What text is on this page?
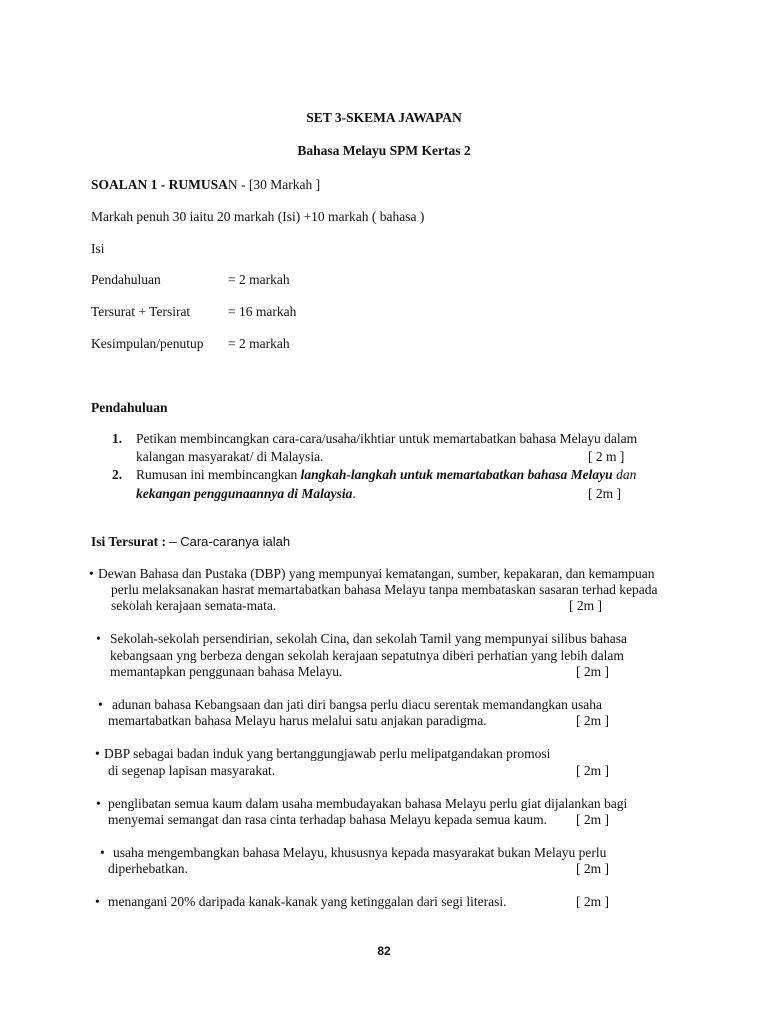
SET 3-SKEMA JAWAPAN
Bahasa Melayu SPM Kertas 2
SOALAN 1 - RUMUSAN - [30 Markah ]
Markah penuh 30 iaitu 20 markah (Isi) +10 markah ( bahasa )
Isi
Pendahuluan	= 2 markah
Tersurat + Tersirat	= 16 markah
Kesimpulan/penutup = 2 markah
Pendahuluan
1. Petikan membincangkan cara-cara/usaha/ikhtiar untuk memartabatkan bahasa Melayu dalam
kalangan masyarakat/ di Malaysia.	[ 2 m ]
2. Rumusan ini membincangkan langkah-langkah untuk memartabatkan bahasa Melayu dan
kekangan penggunaannya di Malaysia.	[ 2m ]
Isi Tersurat : – Cara-caranya ialah
• Dewan Bahasa dan Pustaka (DBP) yang mempunyai kematangan, sumber, kepakaran, dan kemampuan
perlu melaksanakan hasrat memartabatkan bahasa Melayu tanpa membataskan sasaran terhad kepada
sekolah kerajaan semata-mata.	[ 2m ]
• Sekolah-sekolah persendirian, sekolah Cina, dan sekolah Tamil yang mempunyai silibus bahasa
kebangsaan yng berbeza dengan sekolah kerajaan sepatutnya diberi perhatian yang lebih dalam
memantapkan penggunaan bahasa Melayu.	[ 2m ]
• adunan bahasa Kebangsaan dan jati diri bangsa perlu diacu serentak memandangkan usaha
memartabatkan bahasa Melayu harus melalui satu anjakan paradigma.	[ 2m ]
• DBP sebagai badan induk yang bertanggungjawab perlu melipatgandakan promosi
di segenap lapisan masyarakat.	[ 2m ]
• penglibatan semua kaum dalam usaha membudayakan bahasa Melayu perlu giat dijalankan bagi
menyemai semangat dan rasa cinta terhadap bahasa Melayu kepada semua kaum. [ 2m ]
• usaha mengembangkan bahasa Melayu, khususnya kepada masyarakat bukan Melayu perlu
diperhebatkan.	[ 2m ]
• menangani 20% daripada kanak-kanak yang ketinggalan dari segi literasi.	[ 2m ]
82
